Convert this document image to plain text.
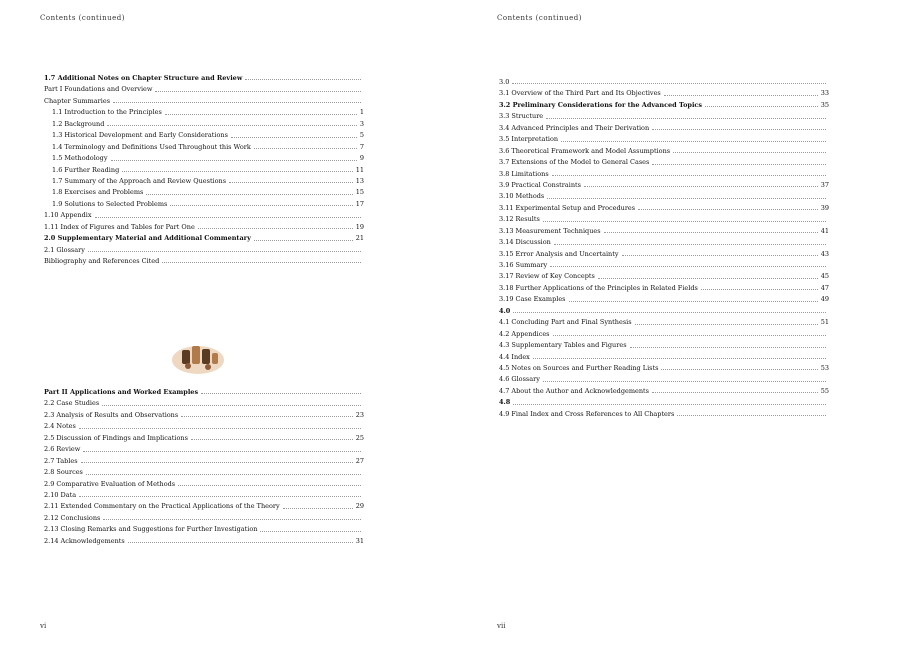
Contents (continued)
1.7 Additional Notes on Chapter Structure and Review
Part I Foundations and Overview
Chapter Summaries
1.1 Introduction to the Principles	1
1.2 Background	3
1.3 Historical Development and Early Considerations	5
1.4 Terminology and Definitions Used Throughout this Work	7
1.5 Methodology	9
1.6 Further Reading	11
1.7 Summary of the Approach and Review Questions	13
1.8 Exercises and Problems	15
1.9 Solutions to Selected Problems	17
1.10 Appendix
1.11 Index of Figures and Tables for Part One	19
2.0 Supplementary Material and Additional Commentary	21
2.1 Glossary
Bibliography and References Cited
Part II Applications and Worked Examples
2.2 Case Studies
2.3 Analysis of Results and Observations	23
2.4 Notes
2.5 Discussion of Findings and Implications	25
2.6 Review
2.7 Tables	27
2.8 Sources
2.9 Comparative Evaluation of Methods
2.10 Data
2.11 Extended Commentary on the Practical Applications of the Theory	29
2.12 Conclusions
2.13 Closing Remarks and Suggestions for Further Investigation
2.14 Acknowledgements	31
vi
Contents (continued)
3.0
3.1 Overview of the Third Part and Its Objectives	33
3.2 Preliminary Considerations for the Advanced Topics	35
3.3 Structure
3.4 Advanced Principles and Their Derivation
3.5 Interpretation
3.6 Theoretical Framework and Model Assumptions
3.7 Extensions of the Model to General Cases
3.8 Limitations
3.9 Practical Constraints	37
3.10 Methods
3.11 Experimental Setup and Procedures	39
3.12 Results
3.13 Measurement Techniques	41
3.14 Discussion
3.15 Error Analysis and Uncertainty	43
3.16 Summary
3.17 Review of Key Concepts	45
3.18 Further Applications of the Principles in Related Fields	47
3.19 Case Examples	49
4.0
4.1 Concluding Part and Final Synthesis	51
4.2 Appendices
4.3 Supplementary Tables and Figures
4.4 Index
4.5 Notes on Sources and Further Reading Lists	53
4.6 Glossary
4.7 About the Author and Acknowledgements	55
4.8
4.9 Final Index and Cross References to All Chapters
vii
